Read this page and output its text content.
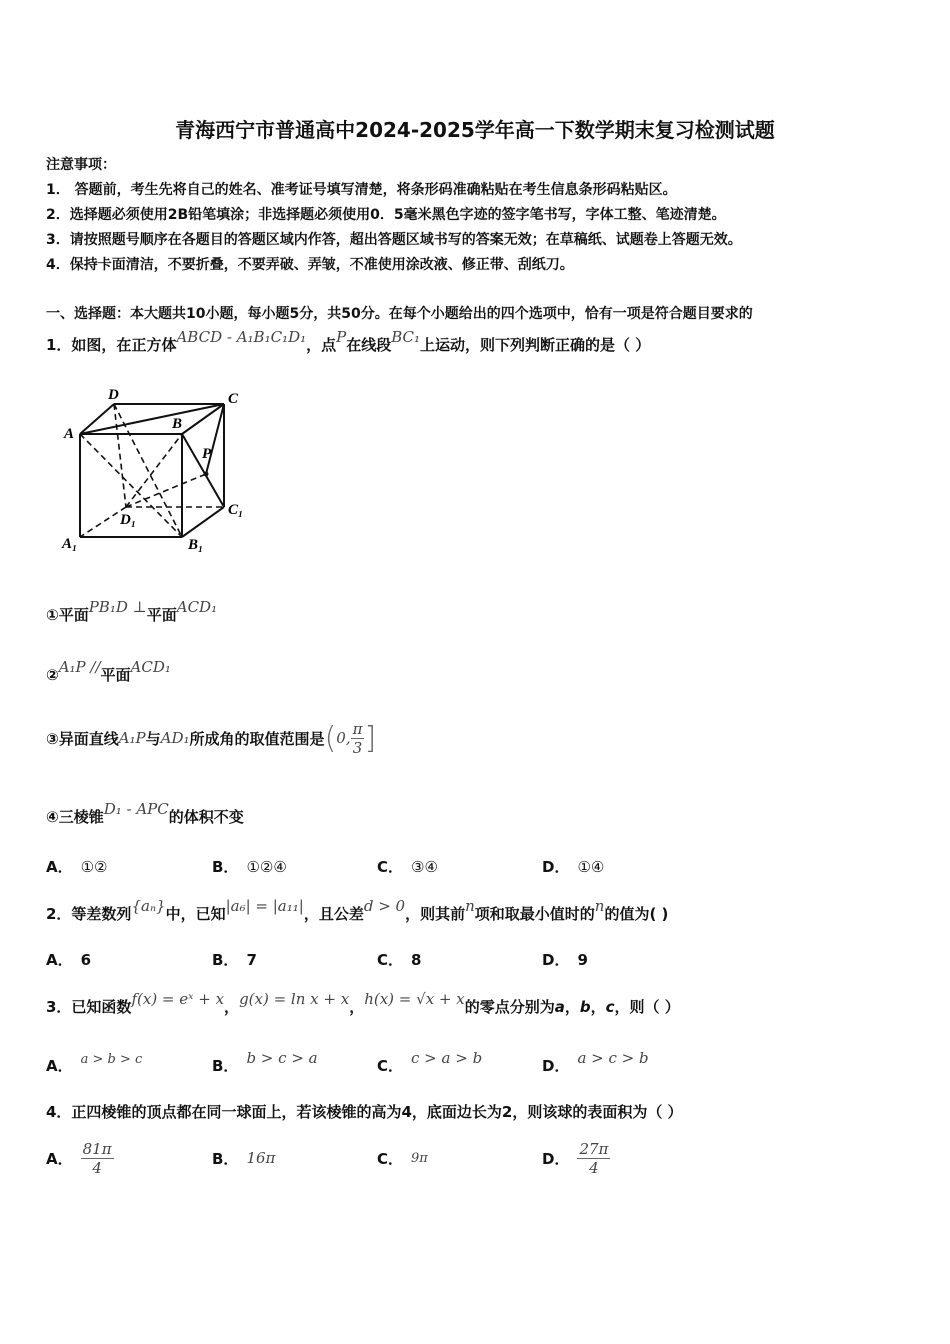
青海西宁市普通高中2024-2025学年高一下数学期末复习检测试题
注意事项：
1． 答题前，考生先将自己的姓名、准考证号填写清楚，将条形码准确粘贴在考生信息条形码粘贴区。
2．选择题必须使用2B铅笔填涂；非选择题必须使用0．5毫米黑色字迹的签字笔书写，字体工整、笔迹清楚。
3．请按照题号顺序在各题目的答题区域内作答，超出答题区域书写的答案无效；在草稿纸、试题卷上答题无效。
4．保持卡面清洁，不要折叠，不要弄破、弄皱，不准使用涂改液、修正带、刮纸刀。
一、选择题：本大题共10小题，每小题5分，共50分。在每个小题给出的四个选项中，恰有一项是符合题目要求的
1．如图，在正方体ABCD - A₁B₁C₁D₁，点P在线段BC₁上运动，则下列判断正确的是（ ）
D	C
A
B
P
D₁
C₁
A₁	B₁
①平面PB₁D ⊥平面ACD₁
②A₁P //平面ACD₁
③异面直线 A₁P 与 AD₁ 所成角的取值范围是 ( 0, $\frac{\pi}{3}$ ]
④三棱锥D₁ - APC的体积不变
A． ①②	B． ①②④	C． ③④	D． ①④
2．等差数列{aₙ}中，已知|a₆| = |a₁₁|，且公差d > 0，则其前n项和取最小值时的n的值为( )
A． 6	B． 7	C． 8	D． 9
3．已知函数f(x) = eˣ + x，g(x) = ln x + x，h(x) = √x + x的零点分别为a，b，c，则（ ）
A． a > b > c	B． b > c > a	C． c > a > b	D． a > c > b
4．正四棱锥的顶点都在同一球面上，若该棱锥的高为4，底面边长为2，则该球的表面积为（ ）
A． $\frac{81\pi}{4}$	B． 16π	C． 9π	D． $\frac{27\pi}{4}$
